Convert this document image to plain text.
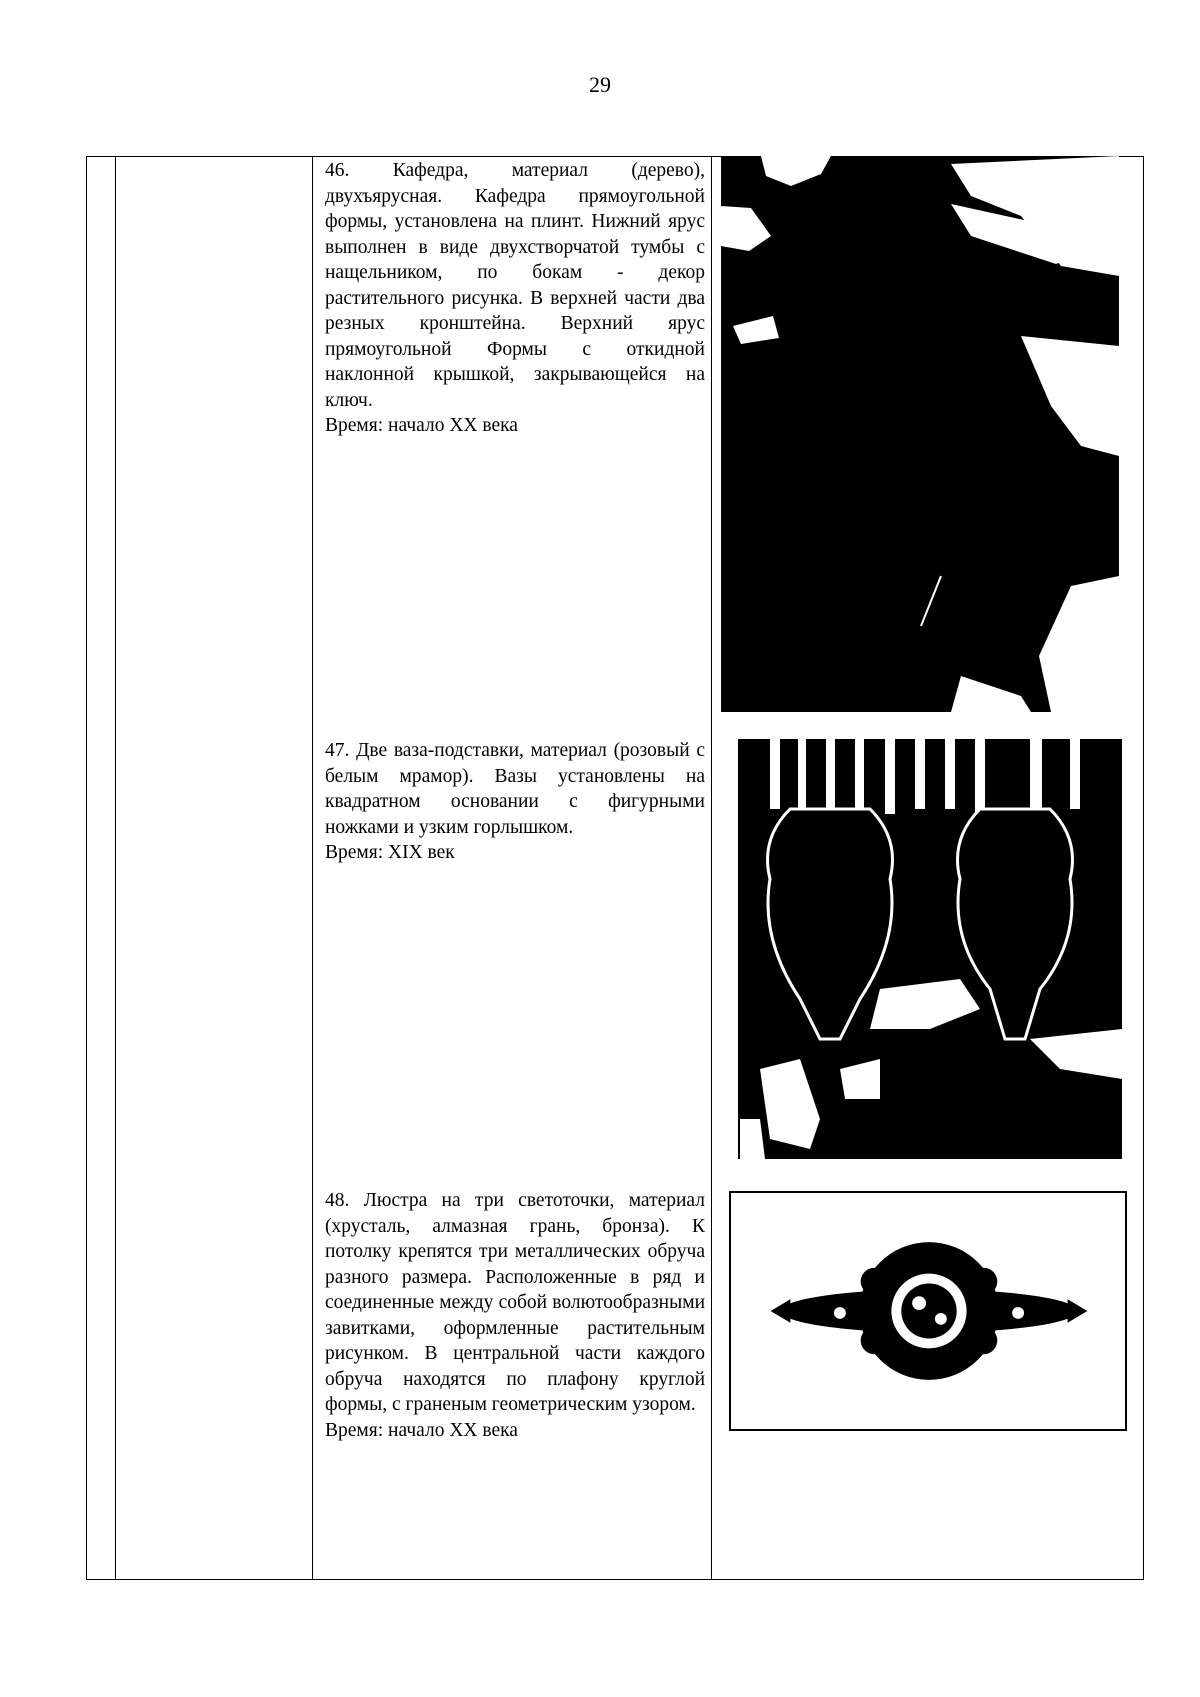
29

46. Кафедра, материал (дерево), двухъярусная. Кафедра прямоугольной формы, установлена на плинт. Нижний ярус выполнен в виде двухстворчатой тумбы с нащельником, по бокам - декор растительного рисунка. В верхней части два резных кронштейна. Верхний ярус прямоугольной Формы с откидной наклонной крышкой, закрывающейся на ключ.

Время: начало XX века

47. Две ваза-подставки, материал (розовый с белым мрамор). Вазы установлены на квадратном основании с фигурными ножками и узким горлышком.

Время: XIX век

48. Люстра на три светоточки, материал (хрусталь, алмазная грань, бронза). К потолку крепятся три металлических обруча разного размера. Расположенные в ряд и соединенные между собой волютообразными завитками, оформленные растительным рисунком. В центральной части каждого обруча находятся по плафону круглой формы, с граненым геометрическим узором.

Время: начало XX века
